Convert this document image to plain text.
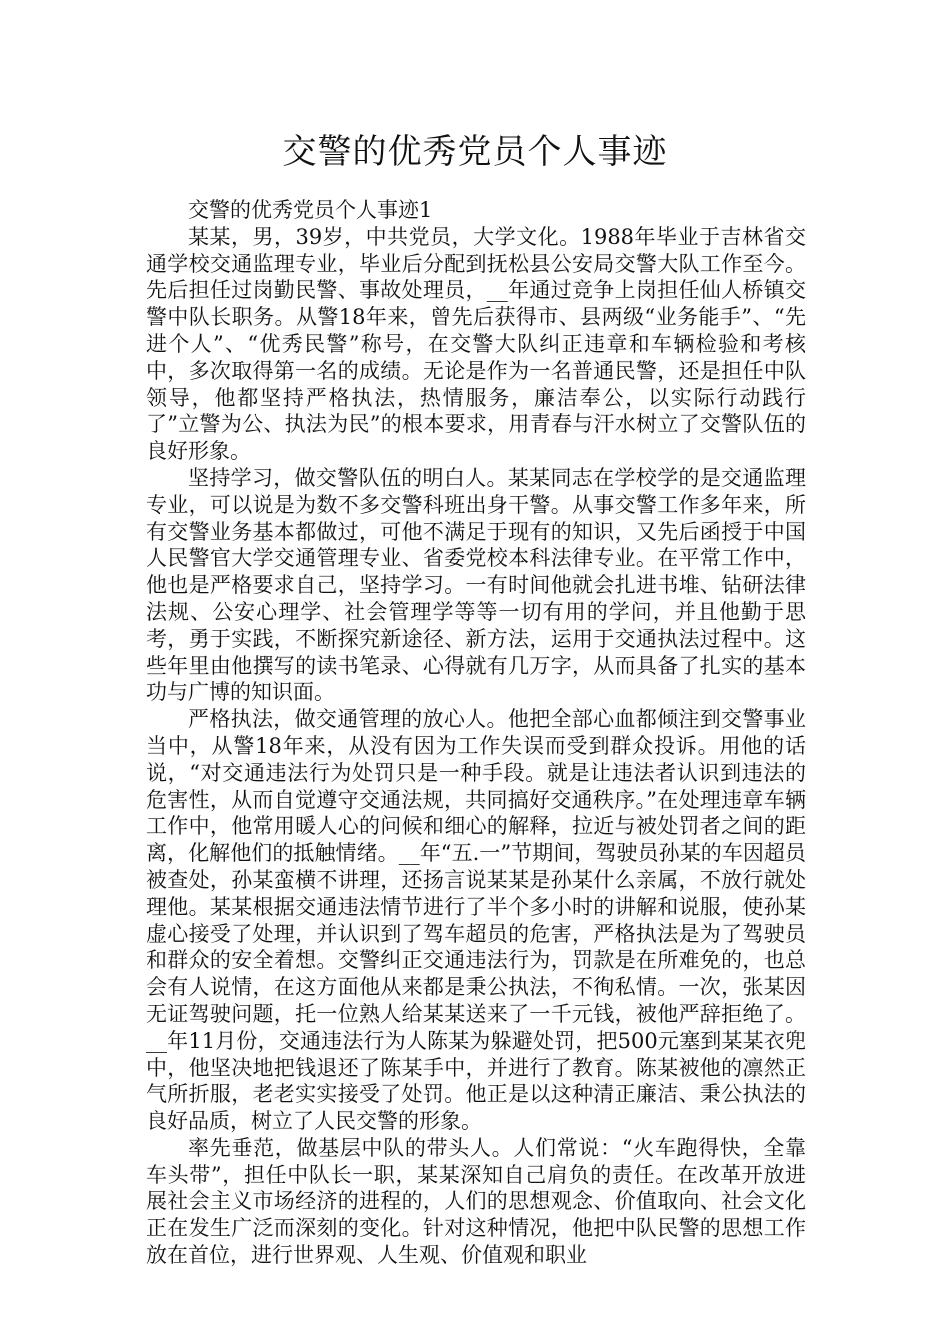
交警的优秀党员个人事迹

交警的优秀党员个人事迹1

某某，男，39岁，中共党员，大学文化。1988年毕业于吉林省交通学校交通监理专业，毕业后分配到抚松县公安局交警大队工作至今。先后担任过岗勤民警、事故处理员，__年通过竞争上岗担任仙人桥镇交警中队长职务。从警18年来，曾先后获得市、县两级“业务能手”、“先进个人”、“优秀民警”称号，在交警大队纠正违章和车辆检验和考核中，多次取得第一名的成绩。无论是作为一名普通民警，还是担任中队领导，他都坚持严格执法，热情服务，廉洁奉公，以实际行动践行了”立警为公、执法为民”的根本要求，用青春与汗水树立了交警队伍的良好形象。

坚持学习，做交警队伍的明白人。某某同志在学校学的是交通监理专业，可以说是为数不多交警科班出身干警。从事交警工作多年来，所有交警业务基本都做过，可他不满足于现有的知识，又先后函授于中国人民警官大学交通管理专业、省委党校本科法律专业。在平常工作中，他也是严格要求自己，坚持学习。一有时间他就会扎进书堆、钻研法律法规、公安心理学、社会管理学等等一切有用的学问，并且他勤于思考，勇于实践，不断探究新途径、新方法，运用于交通执法过程中。这些年里由他撰写的读书笔录、心得就有几万字，从而具备了扎实的基本功与广博的知识面。

严格执法，做交通管理的放心人。他把全部心血都倾注到交警事业当中，从警18年来，从没有因为工作失误而受到群众投诉。用他的话说，“对交通违法行为处罚只是一种手段。就是让违法者认识到违法的危害性，从而自觉遵守交通法规，共同搞好交通秩序。”在处理违章车辆工作中，他常用暖人心的问候和细心的解释，拉近与被处罚者之间的距离，化解他们的抵触情绪。__年“五.一”节期间，驾驶员孙某的车因超员被查处，孙某蛮横不讲理，还扬言说某某是孙某什么亲属，不放行就处理他。某某根据交通违法情节进行了半个多小时的讲解和说服，使孙某虚心接受了处理，并认识到了驾车超员的危害，严格执法是为了驾驶员和群众的安全着想。交警纠正交通违法行为，罚款是在所难免的，也总会有人说情，在这方面他从来都是秉公执法，不徇私情。一次，张某因无证驾驶问题，托一位熟人给某某送来了一千元钱，被他严辞拒绝了。__年11月份，交通违法行为人陈某为躲避处罚，把500元塞到某某衣兜中，他坚决地把钱退还了陈某手中，并进行了教育。陈某被他的凛然正气所折服，老老实实接受了处罚。他正是以这种清正廉洁、秉公执法的良好品质，树立了人民交警的形象。

率先垂范，做基层中队的带头人。人们常说：“火车跑得快，全靠车头带”，担任中队长一职，某某深知自己肩负的责任。在改革开放进展社会主义市场经济的进程的，人们的思想观念、价值取向、社会文化正在发生广泛而深刻的变化。针对这种情况，他把中队民警的思想工作放在首位，进行世界观、人生观、价值观和职业
